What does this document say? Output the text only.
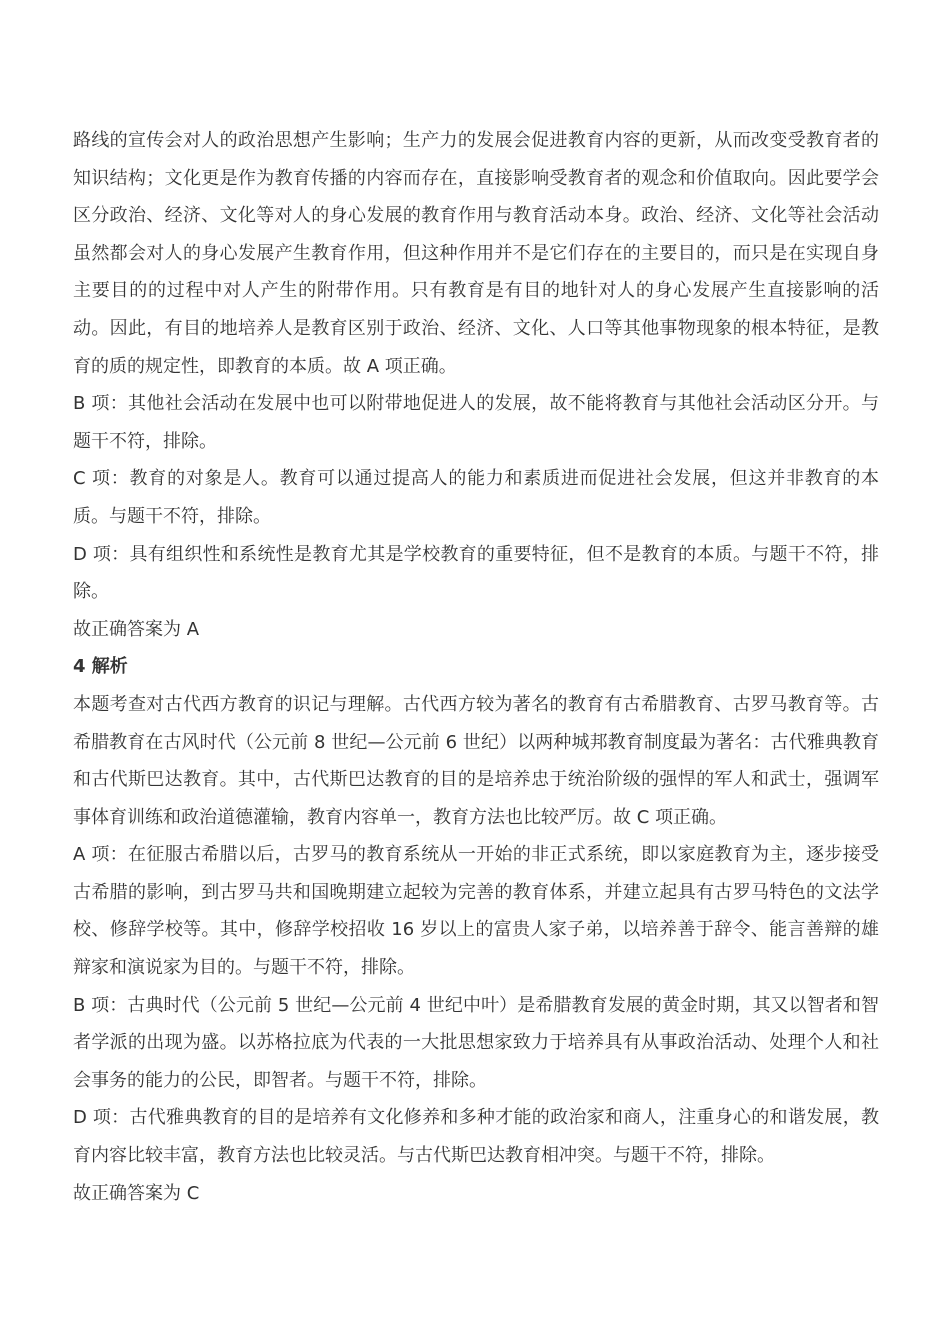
路线的宣传会对人的政治思想产生影响；生产力的发展会促进教育内容的更新，从而改变受教育者的知识结构；文化更是作为教育传播的内容而存在，直接影响受教育者的观念和价值取向。因此要学会区分政治、经济、文化等对人的身心发展的教育作用与教育活动本身。政治、经济、文化等社会活动虽然都会对人的身心发展产生教育作用，但这种作用并不是它们存在的主要目的，而只是在实现自身主要目的的过程中对人产生的附带作用。只有教育是有目的地针对人的身心发展产生直接影响的活动。因此，有目的地培养人是教育区别于政治、经济、文化、人口等其他事物现象的根本特征，是教育的质的规定性，即教育的本质。故 A 项正确。

B 项：其他社会活动在发展中也可以附带地促进人的发展，故不能将教育与其他社会活动区分开。与题干不符，排除。

C 项：教育的对象是人。教育可以通过提高人的能力和素质进而促进社会发展，但这并非教育的本质。与题干不符，排除。

D 项：具有组织性和系统性是教育尤其是学校教育的重要特征，但不是教育的本质。与题干不符，排除。

故正确答案为 A

4 解析

本题考查对古代西方教育的识记与理解。古代西方较为著名的教育有古希腊教育、古罗马教育等。古希腊教育在古风时代（公元前 8 世纪—公元前 6 世纪）以两种城邦教育制度最为著名：古代雅典教育和古代斯巴达教育。其中，古代斯巴达教育的目的是培养忠于统治阶级的强悍的军人和武士，强调军事体育训练和政治道德灌输，教育内容单一，教育方法也比较严厉。故 C 项正确。

A 项：在征服古希腊以后，古罗马的教育系统从一开始的非正式系统，即以家庭教育为主，逐步接受古希腊的影响，到古罗马共和国晚期建立起较为完善的教育体系，并建立起具有古罗马特色的文法学校、修辞学校等。其中，修辞学校招收 16 岁以上的富贵人家子弟，以培养善于辞令、能言善辩的雄辩家和演说家为目的。与题干不符，排除。

B 项：古典时代（公元前 5 世纪—公元前 4 世纪中叶）是希腊教育发展的黄金时期，其又以智者和智者学派的出现为盛。以苏格拉底为代表的一大批思想家致力于培养具有从事政治活动、处理个人和社会事务的能力的公民，即智者。与题干不符，排除。

D 项：古代雅典教育的目的是培养有文化修养和多种才能的政治家和商人，注重身心的和谐发展，教育内容比较丰富，教育方法也比较灵活。与古代斯巴达教育相冲突。与题干不符，排除。

故正确答案为 C
